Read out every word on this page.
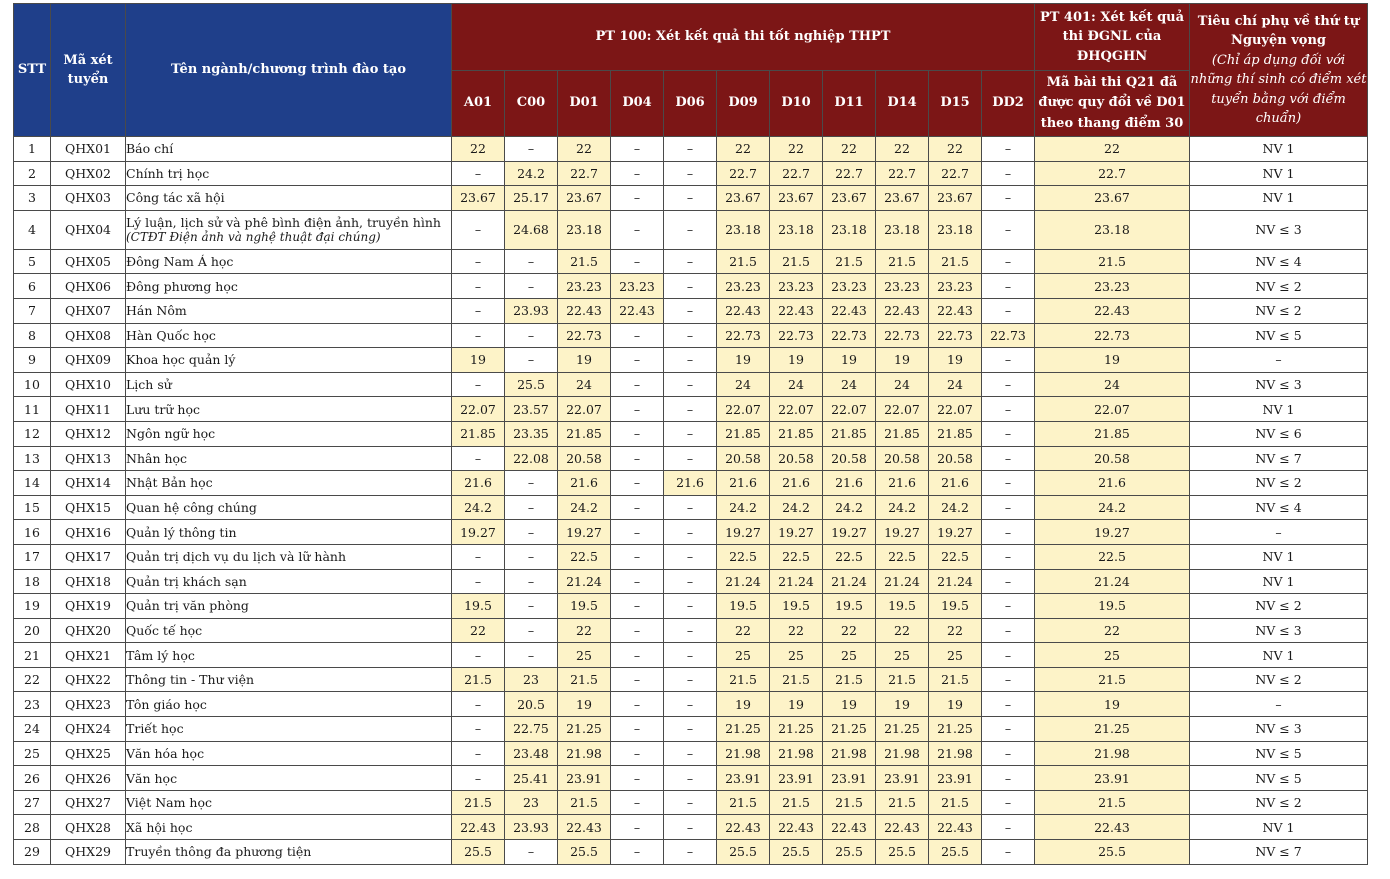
STT	Mã xét tuyển	Tên ngành/chương trình đào tạo	PT 100: Xét kết quả thi tốt nghiệp THPT											PT 401: Xét kết quả thi ĐGNL của ĐHQGHN	Tiêu chí phụ về thứ tự Nguyện vọng
(Chỉ áp dụng đối với những thí sinh có điểm xét tuyển bằng với điểm chuẩn)

			A01	C00	D01	D04	D06	D09	D10	D11	D14	D15	DD2	Mã bài thi Q21 đã được quy đổi về D01 theo thang điểm 30	
1	QHX01	Báo chí	22	–	22	–	–	22	22	22	22	22	–	22	NV 1
2	QHX02	Chính trị học	–	24.2	22.7	–	–	22.7	22.7	22.7	22.7	22.7	–	22.7	NV 1
3	QHX03	Công tác xã hội	23.67	25.17	23.67	–	–	23.67	23.67	23.67	23.67	23.67	–	23.67	NV 1
4	QHX04	Lý luận, lịch sử và phê bình điện ảnh, truyền hình
(CTĐT Điện ảnh và nghệ thuật đại chúng)	–	24.68	23.18	–	–	23.18	23.18	23.18	23.18	23.18	–	23.18	NV ≤ 3
5	QHX05	Đông Nam Á học	–	–	21.5	–	–	21.5	21.5	21.5	21.5	21.5	–	21.5	NV ≤ 4
6	QHX06	Đông phương học	–	–	23.23	23.23	–	23.23	23.23	23.23	23.23	23.23	–	23.23	NV ≤ 2
7	QHX07	Hán Nôm	–	23.93	22.43	22.43	–	22.43	22.43	22.43	22.43	22.43	–	22.43	NV ≤ 2
8	QHX08	Hàn Quốc học	–	–	22.73	–	–	22.73	22.73	22.73	22.73	22.73	22.73	22.73	NV ≤ 5
9	QHX09	Khoa học quản lý	19	–	19	–	–	19	19	19	19	19	–	19	–
10	QHX10	Lịch sử	–	25.5	24	–	–	24	24	24	24	24	–	24	NV ≤ 3
11	QHX11	Lưu trữ học	22.07	23.57	22.07	–	–	22.07	22.07	22.07	22.07	22.07	–	22.07	NV 1
12	QHX12	Ngôn ngữ học	21.85	23.35	21.85	–	–	21.85	21.85	21.85	21.85	21.85	–	21.85	NV ≤ 6
13	QHX13	Nhân học	–	22.08	20.58	–	–	20.58	20.58	20.58	20.58	20.58	–	20.58	NV ≤ 7
14	QHX14	Nhật Bản học	21.6	–	21.6	–	21.6	21.6	21.6	21.6	21.6	21.6	–	21.6	NV ≤ 2
15	QHX15	Quan hệ công chúng	24.2	–	24.2	–	–	24.2	24.2	24.2	24.2	24.2	–	24.2	NV ≤ 4
16	QHX16	Quản lý thông tin	19.27	–	19.27	–	–	19.27	19.27	19.27	19.27	19.27	–	19.27	–
17	QHX17	Quản trị dịch vụ du lịch và lữ hành	–	–	22.5	–	–	22.5	22.5	22.5	22.5	22.5	–	22.5	NV 1
18	QHX18	Quản trị khách sạn	–	–	21.24	–	–	21.24	21.24	21.24	21.24	21.24	–	21.24	NV 1
19	QHX19	Quản trị văn phòng	19.5	–	19.5	–	–	19.5	19.5	19.5	19.5	19.5	–	19.5	NV ≤ 2
20	QHX20	Quốc tế học	22	–	22	–	–	22	22	22	22	22	–	22	NV ≤ 3
21	QHX21	Tâm lý học	–	–	25	–	–	25	25	25	25	25	–	25	NV 1
22	QHX22	Thông tin - Thư viện	21.5	23	21.5	–	–	21.5	21.5	21.5	21.5	21.5	–	21.5	NV ≤ 2
23	QHX23	Tôn giáo học	–	20.5	19	–	–	19	19	19	19	19	–	19	–
24	QHX24	Triết học	–	22.75	21.25	–	–	21.25	21.25	21.25	21.25	21.25	–	21.25	NV ≤ 3
25	QHX25	Văn hóa học	–	23.48	21.98	–	–	21.98	21.98	21.98	21.98	21.98	–	21.98	NV ≤ 5
26	QHX26	Văn học	–	25.41	23.91	–	–	23.91	23.91	23.91	23.91	23.91	–	23.91	NV ≤ 5
27	QHX27	Việt Nam học	21.5	23	21.5	–	–	21.5	21.5	21.5	21.5	21.5	–	21.5	NV ≤ 2
28	QHX28	Xã hội học	22.43	23.93	22.43	–	–	22.43	22.43	22.43	22.43	22.43	–	22.43	NV 1
29	QHX29	Truyền thông đa phương tiện	25.5	–	25.5	–	–	25.5	25.5	25.5	25.5	25.5	–	25.5	NV ≤ 7
